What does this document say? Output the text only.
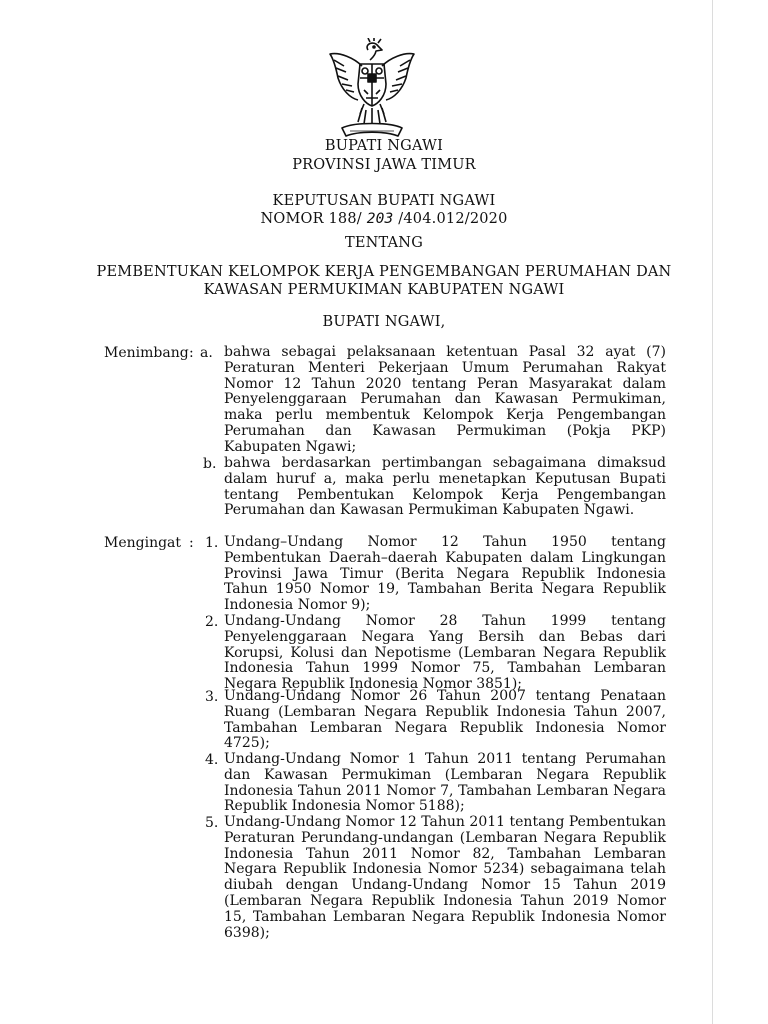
BUPATI NGAWI
PROVINSI JAWA TIMUR
KEPUTUSAN BUPATI NGAWI
NOMOR 188/ 203 /404.012/2020
TENTANG
PEMBENTUKAN KELOMPOK KERJA PENGEMBANGAN PERUMAHAN DAN
KAWASAN PERMUKIMAN KABUPATEN NGAWI
BUPATI NGAWI,
Menimbang : a. bahwa sebagai pelaksanaan ketentuan Pasal 32 ayat (7) Peraturan Menteri Pekerjaan Umum Perumahan Rakyat Nomor 12 Tahun 2020 tentang Peran Masyarakat dalam Penyelenggaraan Perumahan dan Kawasan Permukiman, maka perlu membentuk Kelompok Kerja Pengembangan Perumahan dan Kawasan Permukiman (Pokja PKP) Kabupaten Ngawi;
b. bahwa berdasarkan pertimbangan sebagaimana dimaksud dalam huruf a, maka perlu menetapkan Keputusan Bupati tentang Pembentukan Kelompok Kerja Pengembangan Perumahan dan Kawasan Permukiman Kabupaten Ngawi.
Mengingat : 1. Undang–Undang Nomor 12 Tahun 1950 tentang Pembentukan Daerah–daerah Kabupaten dalam Lingkungan Provinsi Jawa Timur (Berita Negara Republik Indonesia Tahun 1950 Nomor 19, Tambahan Berita Negara Republik Indonesia Nomor 9);
2. Undang-Undang Nomor 28 Tahun 1999 tentang Penyelenggaraan Negara Yang Bersih dan Bebas dari Korupsi, Kolusi dan Nepotisme (Lembaran Negara Republik Indonesia Tahun 1999 Nomor 75, Tambahan Lembaran Negara Republik Indonesia Nomor 3851);
3. Undang-Undang Nomor 26 Tahun 2007 tentang Penataan Ruang (Lembaran Negara Republik Indonesia Tahun 2007, Tambahan Lembaran Negara Republik Indonesia Nomor 4725);
4. Undang-Undang Nomor 1 Tahun 2011 tentang Perumahan dan Kawasan Permukiman (Lembaran Negara Republik Indonesia Tahun 2011 Nomor 7, Tambahan Lembaran Negara Republik Indonesia Nomor 5188);
5. Undang-Undang Nomor 12 Tahun 2011 tentang Pembentukan Peraturan Perundang-undangan (Lembaran Negara Republik Indonesia Tahun 2011 Nomor 82, Tambahan Lembaran Negara Republik Indonesia Nomor 5234) sebagaimana telah diubah dengan Undang-Undang Nomor 15 Tahun 2019 (Lembaran Negara Republik Indonesia Tahun 2019 Nomor 15, Tambahan Lembaran Negara Republik Indonesia Nomor 6398);
